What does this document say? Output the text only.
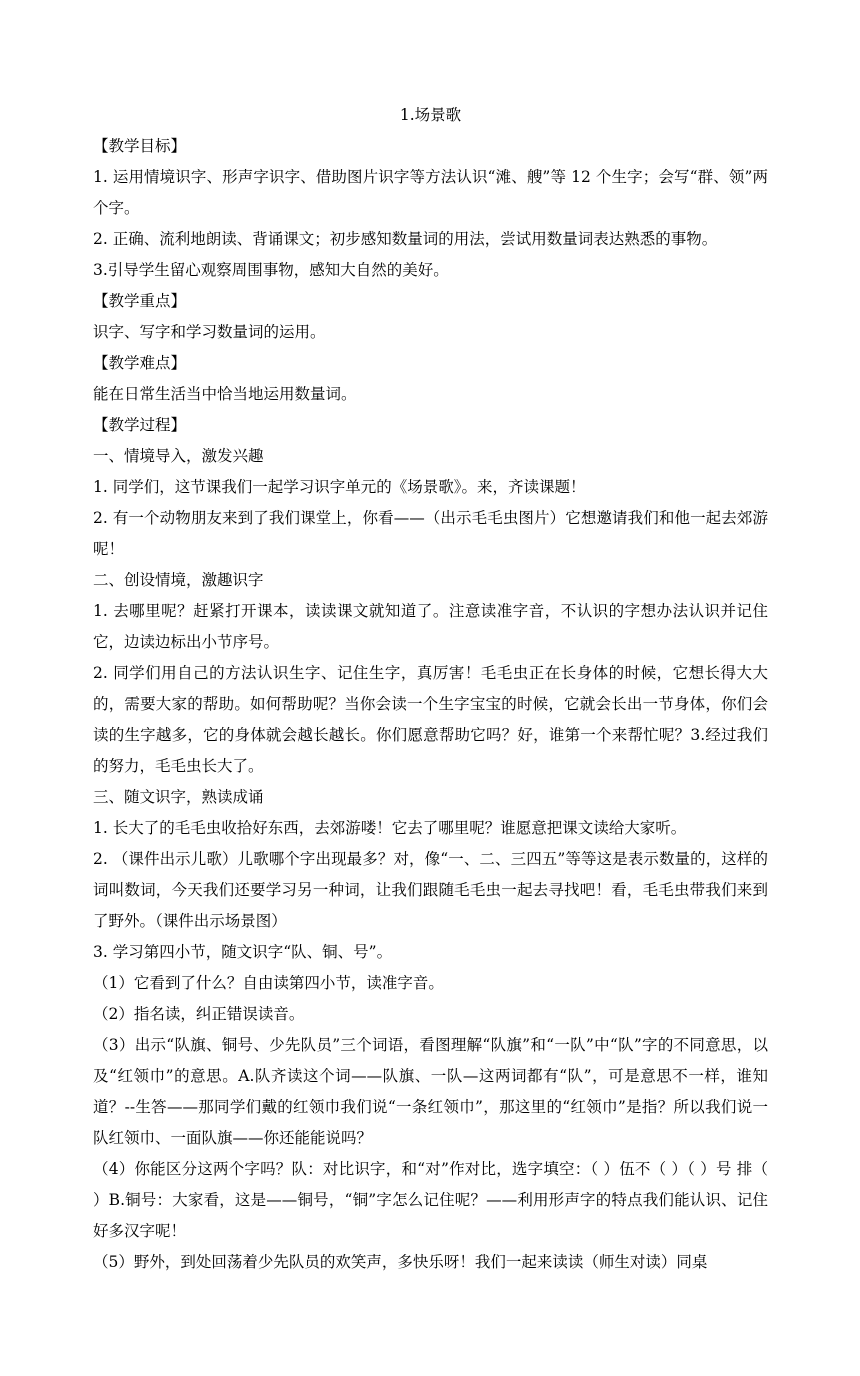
1.场景歌

【教学目标】

1. 运用情境识字、形声字识字、借助图片识字等方法认识“滩、艘”等 12 个生字；会写“群、领”两个字。

2. 正确、流利地朗读、背诵课文；初步感知数量词的用法，尝试用数量词表达熟悉的事物。

3.引导学生留心观察周围事物，感知大自然的美好。

【教学重点】

识字、写字和学习数量词的运用。

【教学难点】

能在日常生活当中恰当地运用数量词。

【教学过程】

一、情境导入，激发兴趣

1. 同学们，这节课我们一起学习识字单元的《场景歌》。来，齐读课题！

2. 有一个动物朋友来到了我们课堂上，你看——（出示毛毛虫图片）它想邀请我们和他一起去郊游呢！

二、创设情境，激趣识字

1. 去哪里呢？赶紧打开课本，读读课文就知道了。注意读准字音，不认识的字想办法认识并记住它，边读边标出小节序号。

2. 同学们用自己的方法认识生字、记住生字，真厉害！毛毛虫正在长身体的时候，它想长得大大的，需要大家的帮助。如何帮助呢？当你会读一个生字宝宝的时候，它就会长出一节身体，你们会读的生字越多，它的身体就会越长越长。你们愿意帮助它吗？好，谁第一个来帮忙呢？3.经过我们的努力，毛毛虫长大了。

三、随文识字，熟读成诵

1. 长大了的毛毛虫收拾好东西，去郊游喽！它去了哪里呢？谁愿意把课文读给大家听。

2. （课件出示儿歌）儿歌哪个字出现最多？对，像“一、二、三四五”等等这是表示数量的，这样的词叫数词，今天我们还要学习另一种词，让我们跟随毛毛虫一起去寻找吧！看，毛毛虫带我们来到了野外。（课件出示场景图）

3. 学习第四小节，随文识字“队、铜、号”。

（1）它看到了什么？自由读第四小节，读准字音。

（2）指名读，纠正错误读音。

（3）出示“队旗、铜号、少先队员”三个词语，看图理解“队旗”和“一队”中“队”字的不同意思，以及“红领巾”的意思。A.队齐读这个词——队旗、一队—这两词都有“队”，可是意思不一样，谁知道？--生答——那同学们戴的红领巾我们说“一条红领巾”，那这里的“红领巾”是指？所以我们说一队红领巾、一面队旗——你还能能说吗？

（4）你能区分这两个字吗？队：对比识字，和“对”作对比，选字填空：（ ）伍不（ ）（ ）号 排（ ）B.铜号：大家看，这是——铜号，“铜”字怎么记住呢？——利用形声字的特点我们能认识、记住好多汉字呢！

（5）野外，到处回荡着少先队员的欢笑声，多快乐呀！我们一起来读读（师生对读）同桌
